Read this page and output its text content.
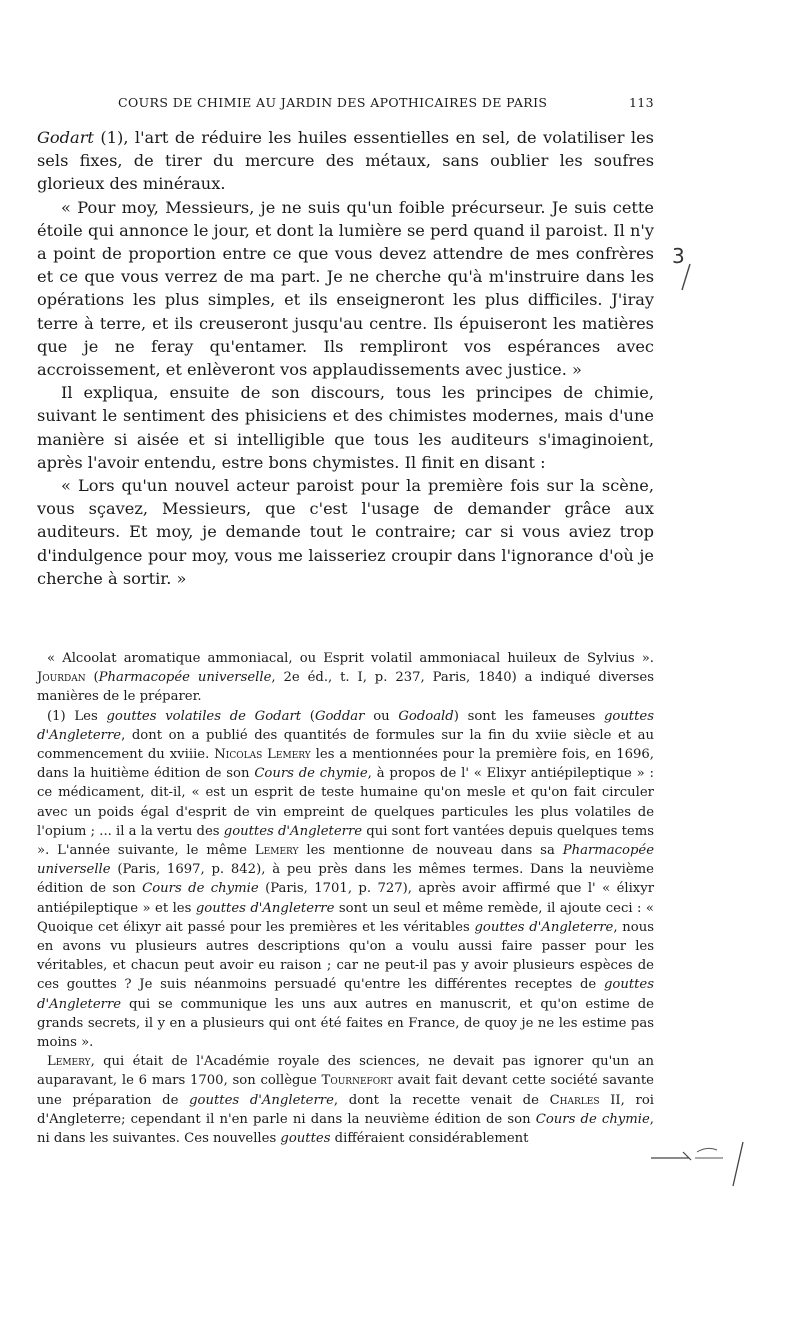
COURS DE CHIMIE AU JARDIN DES APOTHICAIRES DE PARIS	113

Godart (1), l'art de réduire les huiles essentielles en sel, de volatiliser les sels fixes, de tirer du mercure des métaux, sans oublier les soufres glorieux des minéraux.

« Pour moy, Messieurs, je ne suis qu'un foible précurseur. Je suis cette étoile qui annonce le jour, et dont la lumière se perd quand il paroist. Il n'y a point de proportion entre ce que vous devez attendre de mes confrères et ce que vous verrez de ma part. Je ne cherche qu'à m'instruire dans les opérations les plus simples, et ils enseigneront les plus difficiles. J'iray terre à terre, et ils creuseront jusqu'au centre. Ils épuiseront les matières que je ne feray qu'entamer. Ils rempliront vos espérances avec accroissement, et enlèveront vos applaudissements avec justice. »

Il expliqua, ensuite de son discours, tous les principes de chimie, suivant le sentiment des phisiciens et des chimistes modernes, mais d'une manière si aisée et si intelligible que tous les auditeurs s'imaginoient, après l'avoir entendu, estre bons chymistes. Il finit en disant :

« Lors qu'un nouvel acteur paroist pour la première fois sur la scène, vous sçavez, Messieurs, que c'est l'usage de demander grâce aux auditeurs. Et moy, je demande tout le contraire; car si vous aviez trop d'indulgence pour moy, vous me laisseriez croupir dans l'ignorance d'où je cherche à sortir. »

« Alcoolat aromatique ammoniacal, ou Esprit volatil ammoniacal huileux de Sylvius ». Jourdan (Pharmacopée universelle, 2e éd., t. I, p. 237, Paris, 1840) a indiqué diverses manières de le préparer.

(1) Les gouttes volatiles de Godart (Goddar ou Godoald) sont les fameuses gouttes d'Angleterre, dont on a publié des quantités de formules sur la fin du xviie siècle et au commencement du xviiie. Nicolas Lemery les a mentionnées pour la première fois, en 1696, dans la huitième édition de son Cours de chymie, à propos de l' « Elixyr antiépileptique » : ce médicament, dit-il, « est un esprit de teste humaine qu'on mesle et qu'on fait circuler avec un poids égal d'esprit de vin empreint de quelques particules les plus volatiles de l'opium ; ... il a la vertu des gouttes d'Angleterre qui sont fort vantées depuis quelques tems ». L'année suivante, le même Lemery les mentionne de nouveau dans sa Pharmacopée universelle (Paris, 1697, p. 842), à peu près dans les mêmes termes. Dans la neuvième édition de son Cours de chymie (Paris, 1701, p. 727), après avoir affirmé que l' « élixyr antiépileptique » et les gouttes d'Angleterre sont un seul et même remède, il ajoute ceci : « Quoique cet élixyr ait passé pour les premières et les véritables gouttes d'Angleterre, nous en avons vu plusieurs autres descriptions qu'on a voulu aussi faire passer pour les véritables, et chacun peut avoir eu raison ; car ne peut-il pas y avoir plusieurs espèces de ces gouttes ? Je suis néanmoins persuadé qu'entre les différentes receptes de gouttes d'Angleterre qui se communique les uns aux autres en manuscrit, et qu'on estime de grands secrets, il y en a plusieurs qui ont été faites en France, de quoy je ne les estime pas moins ».

Lemery, qui était de l'Académie royale des sciences, ne devait pas ignorer qu'un an auparavant, le 6 mars 1700, son collègue Tournefort avait fait devant cette société savante une préparation de gouttes d'Angleterre, dont la recette venait de Charles II, roi d'Angleterre; cependant il n'en parle ni dans la neuvième édition de son Cours de chymie, ni dans les suivantes. Ces nouvelles gouttes différaient considérablement

3
